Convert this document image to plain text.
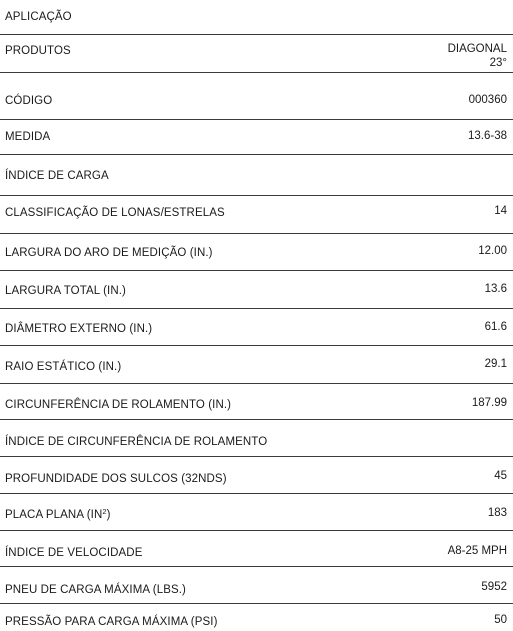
APLICAÇÃO
PRODUTOS	DIAGONAL
23°
CÓDIGO	000360
MEDIDA	13.6-38
ÍNDICE DE CARGA
CLASSIFICAÇÃO DE LONAS/ESTRELAS	14
LARGURA DO ARO DE MEDIÇÃO (IN.)	12.00
LARGURA TOTAL (IN.)	13.6
DIÂMETRO EXTERNO (IN.)	61.6
RAIO ESTÁTICO (IN.)	29.1
CIRCUNFERÊNCIA DE ROLAMENTO (IN.)	187.99
ÍNDICE DE CIRCUNFERÊNCIA DE ROLAMENTO
PROFUNDIDADE DOS SULCOS (32NDS)	45
PLACA PLANA $(IN^2)$	183
ÍNDICE DE VELOCIDADE	A8-25 MPH
PNEU DE CARGA MÁXIMA (LBS.)	5952
PRESSÃO PARA CARGA MÁXIMA (PSI)	50
